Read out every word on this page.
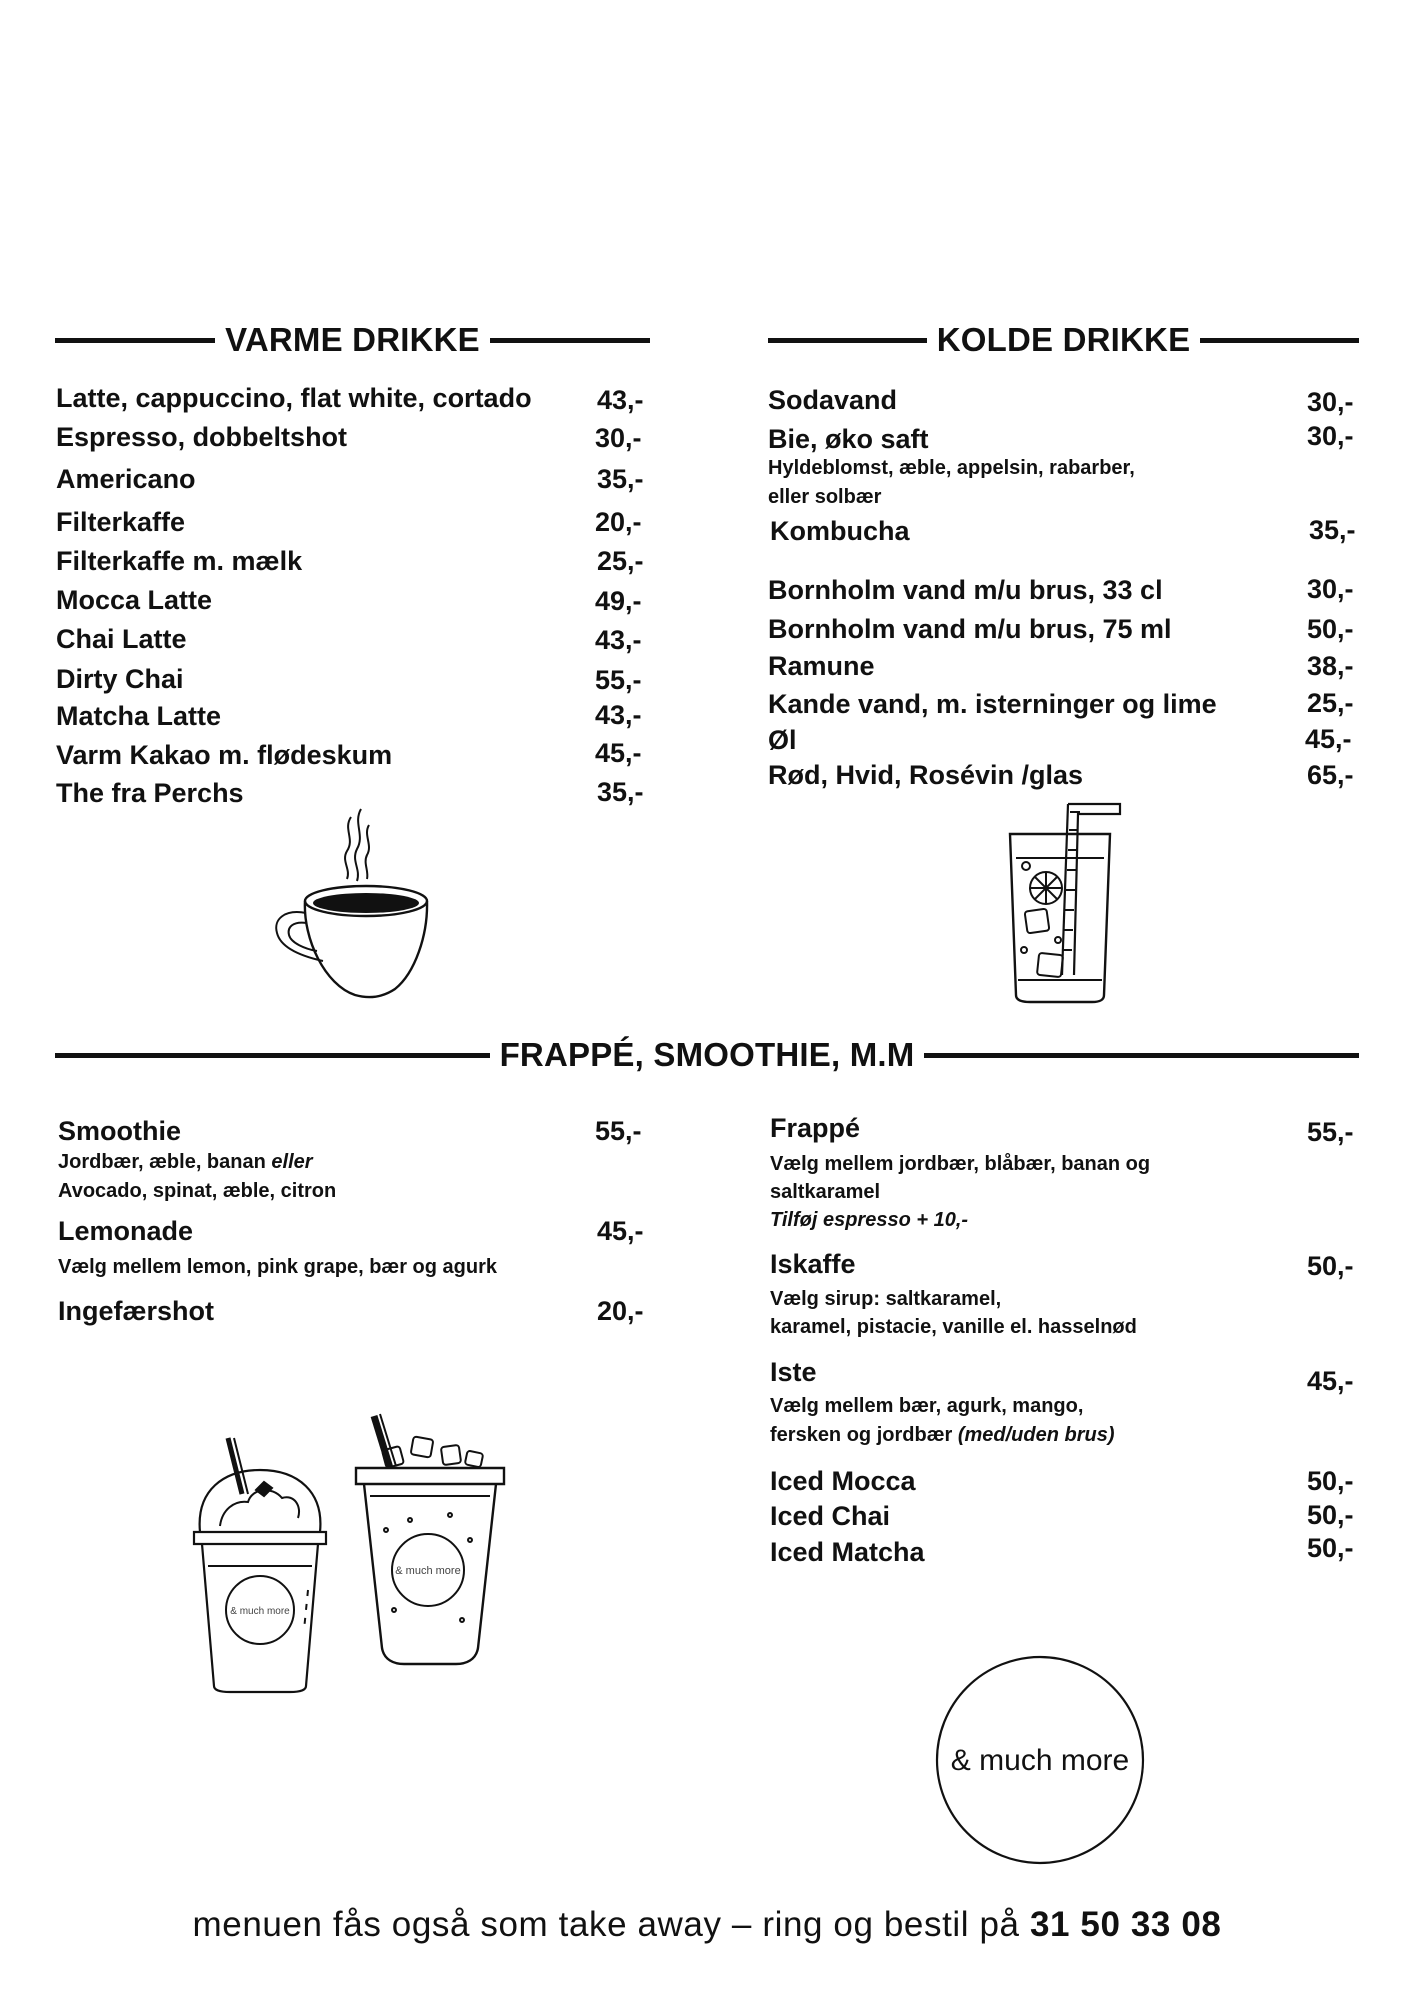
VARME DRIKKE
Latte, cappuccino, flat white, cortado 43,-
Espresso, dobbeltshot	30,-
Americano	35,-
Filterkaffe	20,-
Filterkaffe m. mælk	25,-
Mocca Latte	49,-
Chai Latte	43,-
Dirty Chai	55,-
Matcha Latte	43,-
Varm Kakao m. flødeskum	45,-
The fra Perchs	35,-
KOLDE DRIKKE
Sodavand	30,-
Bie, øko saft	30,-
Hyldeblomst, æble, appelsin, rabarber,
eller solbær
Kombucha	35,-
Bornholm vand m/u brus, 33 cl	30,-
Bornholm vand m/u brus, 75 ml	50,-
Ramune	38,-
Kande vand, m. isterninger og lime	25,-
Øl	45,-
Rød, Hvid, Rosévin /glas	65,-
FRAPPÉ, SMOOTHIE, M.M
Smoothie	55,-
Jordbær, æble, banan eller
Avocado, spinat, æble, citron
Lemonade	45,-
Vælg mellem lemon, pink grape, bær og agurk
Ingefærshot	20,-
& much more
& much more
Frappé	55,-
Vælg mellem jordbær, blåbær, banan og
saltkaramel
Tilføj espresso + 10,-
Iskaffe	50,-
Vælg sirup: saltkaramel,
karamel, pistacie, vanille el. hasselnød
Iste	45,-
Vælg mellem bær, agurk, mango,
fersken og jordbær (med/uden brus)
Iced Mocca	50,-
Iced Chai	50,-
Iced Matcha	50,-
& much more
menuen fås også som take away – ring og bestil på 31 50 33 08
